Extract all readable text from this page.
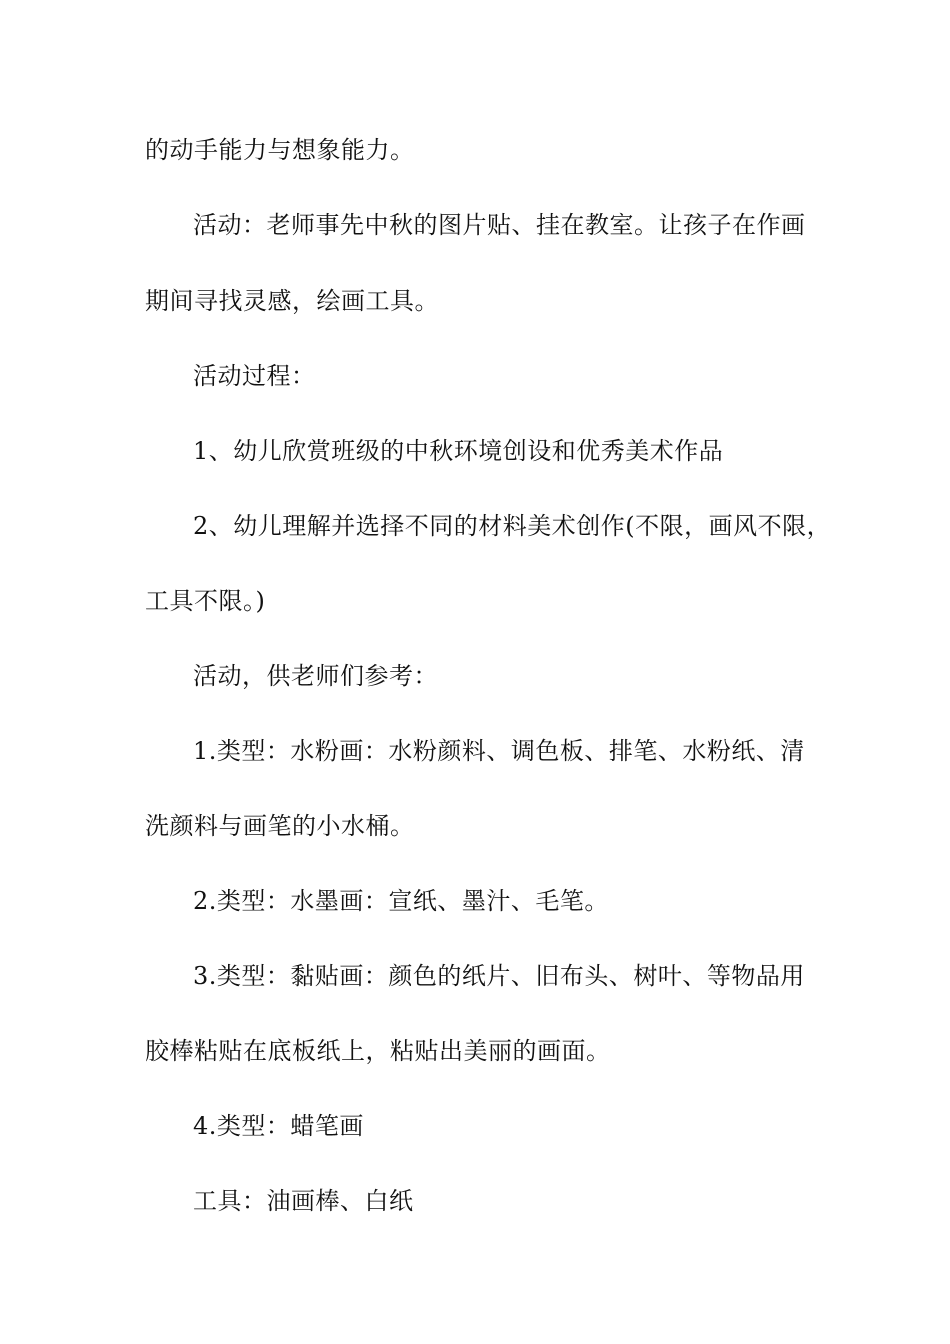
的动手能力与想象能力。
活动：老师事先中秋的图片贴、挂在教室。让孩子在作画
期间寻找灵感，绘画工具。
活动过程：
1、幼儿欣赏班级的中秋环境创设和优秀美术作品
2、幼儿理解并选择不同的材料美术创作(不限，画风不限，
工具不限。)
活动，供老师们参考：
1.类型：水粉画：水粉颜料、调色板、排笔、水粉纸、清
洗颜料与画笔的小水桶。
2.类型：水墨画：宣纸、墨汁、毛笔。
3.类型：黏贴画：颜色的纸片、旧布头、树叶、等物品用
胶棒粘贴在底板纸上，粘贴出美丽的画面。
4.类型：蜡笔画
工具：油画棒、白纸
